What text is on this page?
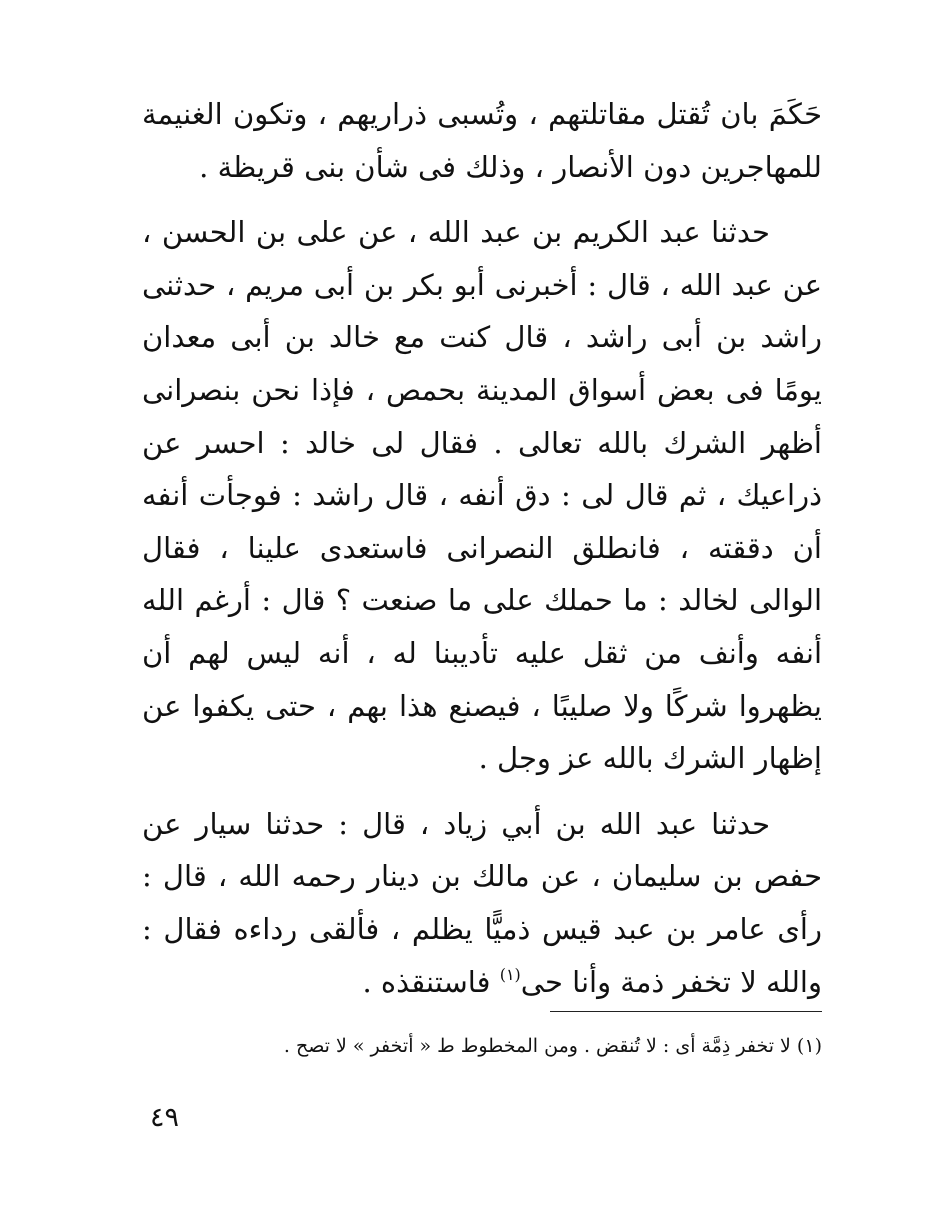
حَكَمَ بان تُقتل مقاتلتهم ، وتُسبى ذراريهم ، وتكون الغنيمة للمهاجرين دون الأنصار ، وذلك فى شأن بنى قريظة .

حدثنا عبد الكريم بن عبد الله ، عن على بن الحسن ، عن عبد الله ، قال : أخبرنى أبو بكر بن أبى مريم ، حدثنى راشد بن أبى راشد ، قال كنت مع خالد بن أبى معدان يومًا فى بعض أسواق المدينة بحمص ، فإذا نحن بنصرانى أظهر الشرك بالله تعالى . فقال لى خالد : احسر عن ذراعيك ، ثم قال لى : دق أنفه ، قال راشد : فوجأت أنفه أن دققته ، فانطلق النصرانى فاستعدى علينا ، فقال الوالى لخالد : ما حملك على ما صنعت ؟ قال : أرغم الله أنفه وأنف من ثقل عليه تأديبنا له ، أنه ليس لهم أن يظهروا شركًا ولا صليبًا ، فيصنع هذا بهم ، حتى يكفوا عن إظهار الشرك بالله عز وجل .

حدثنا عبد الله بن أبي زياد ، قال : حدثنا سيار عن حفص بن سليمان ، عن مالك بن دينار رحمه الله ، قال : رأى عامر بن عبد قيس ذميًّا يظلم ، فألقى رداءه فقال : والله لا تخفر ذمة وأنا حى$^{(١)}$ فاستنقذه .

(١) لا تخفر ذِمَّة أى : لا تُنقض . ومن المخطوط ط « أتخفر » لا تصح .
٤٩
